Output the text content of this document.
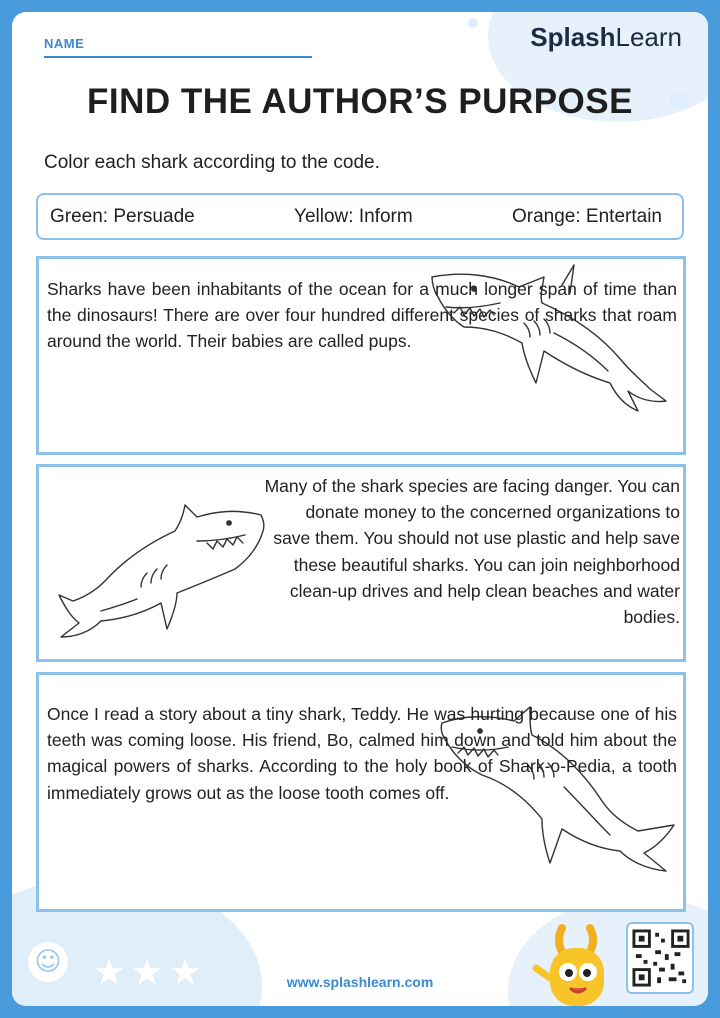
NAME	SplashLearn
FIND THE AUTHOR’S PURPOSE
Color each shark according to the code.
Green: Persuade	Yellow: Inform	Orange: Entertain
Sharks have been inhabitants of the ocean for a much longer span of time than the dinosaurs! There are over four hundred different species of sharks that roam around the world. Their babies are called pups.
Many of the shark species are facing danger. You can donate money to the concerned organizations to save them. You should not use plastic and help save these beautiful sharks. You can join neighborhood clean-up drives and help clean beaches and water bodies.
Once I read a story about a tiny shark, Teddy. He was hurting because one of his teeth was coming loose. His friend, Bo, calmed him down and told him about the magical powers of sharks. According to the holy book of Shark-o-Pedia, a tooth immediately grows out as the loose tooth comes off.
☺ ★★★	www.splashlearn.com
